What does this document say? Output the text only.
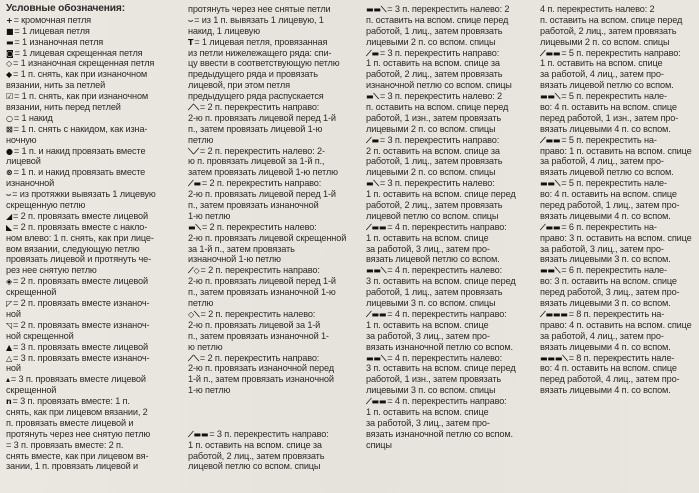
Условные обозначения:
+= кромочная петля
■= 1 лицевая петля
▬= 1 изнаночная петля
◙= 1 лицевая скрещенная петля
◇= 1 изнаночная скрещенная петля
◆= 1 п. снять, как при изнаночном
вязании, нить за петлей
☑= 1 п. снять, как при изнаночном
вязании, нить перед петлей
○= 1 накид
⊠= 1 п. снять с накидом, как изна-
ночную
●= 1 п. и накид провязать вместе
лицевой
⊗= 1 п. и накид провязать вместе
изнаночной
⌣= из протяжки вывязать 1 лицевую
скрещенную петлю
◢= 2 п. провязать вместе лицевой
◣= 2 п. провязать вместе с накло-
ном влево: 1 п. снять, как при лице-
вом вязании, следующую петлю
провязать лицевой и протянуть че-
рез нее снятую петлю
◈= 2 п. провязать вместе лицевой
скрещенной
◸= 2 п. провязать вместе изнаноч-
ной
◹= 2 п. провязать вместе изнаноч-
ной скрещенной
▲= 3 п. провязать вместе лицевой
△= 3 п. провязать вместе изнаноч-
ной
▴= 3 п. провязать вместе лицевой
скрещенной
n= 3 п. провязать вместе: 1 п.
снять, как при лицевом вязании, 2
п. провязать вместе лицевой и
протянуть через нее снятую петлю
= 3 п. провязать вместе: 2 п.
снять вместе, как при лицевом вя-
зании, 1 п. провязать лицевой и
протянуть через нее снятые петли
⌣= из 1 п. вывязать 1 лицевую, 1
накид, 1 лицевую
T= 1 лицевая петля, провязанная
из петли нижележащего ряда: спи-
цу ввести в соответствующую петлю
предыдущего ряда и провязать
лицевой, при этом петля
предыдущего ряда распускается
⟋⟍= 2 п. перекрестить направо:
2-ю п. провязать лицевой перед 1-й
п., затем провязать лицевой 1-ю
петлю
⟍⟋= 2 п. перекрестить налево: 2-
ю п. провязать лицевой за 1-й п.,
затем провязать лицевой 1-ю петлю
⟋▬= 2 п. перекрестить направо:
2-ю п. провязать лицевой перед 1-й
п., затем провязать изнаночной
1-ю петлю
▬⟍= 2 п. перекрестить налево:
2-ю п. провязать лицевой скрещенной
за 1-й п., затем провязать
изнаночной 1-ю петлю
⟋◇= 2 п. перекрестить направо:
2-ю п. провязать лицевой перед 1-й
п., затем провязать изнаночной 1-ю
петлю
◇⟍= 2 п. перекрестить налево:
2-ю п. провязать лицевой за 1-й
п., затем провязать изнаночной 1-
ю петлю
⟋⟍= 2 п. перекрестить направо:
2-ю п. провязать изнаночной перед
1-й п., затем провязать изнаночной
1-ю петлю
⟋▬▬= 3 п. перекрестить направо:
1 п. оставить на вспом. спице за
работой, 2 лиц., затем провязать
лицевой петлю со вспом. спицы
▬▬⟍= 3 п. перекрестить налево: 2
п. оставить на вспом. спице перед
работой, 1 лиц., затем провязать
лицевыми 2 п. со вспом. спицы
⟋▬= 3 п. перекрестить направо:
1 п. оставить на вспом. спице за
работой, 2 лиц., затем провязать
изнаночной петлю со вспом. спицы
▬⟍= 3 п. перекрестить налево: 2
п. оставить на вспом. спице перед
работой, 1 изн., затем провязать
лицевыми 2 п. со вспом. спицы
⟋▬= 3 п. перекрестить направо:
2 п. оставить на вспом. спице за
работой, 1 лиц., затем провязать
лицевыми 2 п. со вспом. спицы
▬⟍= 3 п. перекрестить налево:
1 п. оставить на вспом. спице перед
работой, 2 лиц., затем провязать
лицевой петлю со вспом. спицы
⟋▬▬= 4 п. перекрестить направо:
1 п. оставить на вспом. спице
за работой, 3 лиц., затем про-
вязать лицевой петлю со вспом.
▬▬⟍= 4 п. перекрестить налево:
3 п. оставить на вспом. спице перед
работой, 1 лиц., затем провязать
лицевыми 3 п. со вспом. спицы
⟋▬▬= 4 п. перекрестить направо:
1 п. оставить на вспом. спице
за работой, 3 лиц., затем про-
вязать изнаночной петлю со вспом.
▬▬⟍= 4 п. перекрестить налево:
3 п. оставить на вспом. спице перед
работой, 1 изн., затем провязать
лицевыми 3 п. со вспом. спицы
⟋▬▬= 4 п. перекрестить направо:
1 п. оставить на вспом. спице
за работой, 3 лиц., затем про-
вязать изнаночной петлю со вспом.
спицы
4 п. перекрестить налево: 2
п. оставить на вспом. спице перед
работой, 2 лиц., затем провязать
лицевыми 2 п. со вспом. спицы
⟋▬▬= 5 п. перекрестить направо:
1 п. оставить на вспом. спице
за работой, 4 лиц., затем про-
вязать лицевой петлю со вспом.
▬▬⟍= 5 п. перекрестить нале-
во: 4 п. оставить на вспом. спице
перед работой, 1 изн., затем про-
вязать лицевыми 4 п. со вспом.
⟋▬▬= 5 п. перекрестить на-
право: 1 п. оставить на вспом. спице
за работой, 4 лиц., затем про-
вязать лицевой петлю со вспом.
▬▬⟍= 5 п. перекрестить нале-
во: 4 п. оставить на вспом. спице
перед работой, 1 лиц., затем про-
вязать лицевыми 4 п. со вспом.
⟋▬▬= 6 п. перекрестить на-
право: 3 п. оставить на вспом. спице
за работой, 3 лиц., затем про-
вязать лицевыми 3 п. со вспом.
▬▬⟍= 6 п. перекрестить нале-
во: 3 п. оставить на вспом. спице
перед работой, 3 лиц., затем про-
вязать лицевыми 3 п. со вспом.
⟋▬▬▬= 8 п. перекрестить на-
право: 4 п. оставить на вспом. спице
за работой, 4 лиц., затем про-
вязать лицевыми 4 п. со вспом.
▬▬▬⟍= 8 п. перекрестить нале-
во: 4 п. оставить на вспом. спице
перед работой, 4 лиц., затем про-
вязать лицевыми 4 п. со вспом.
